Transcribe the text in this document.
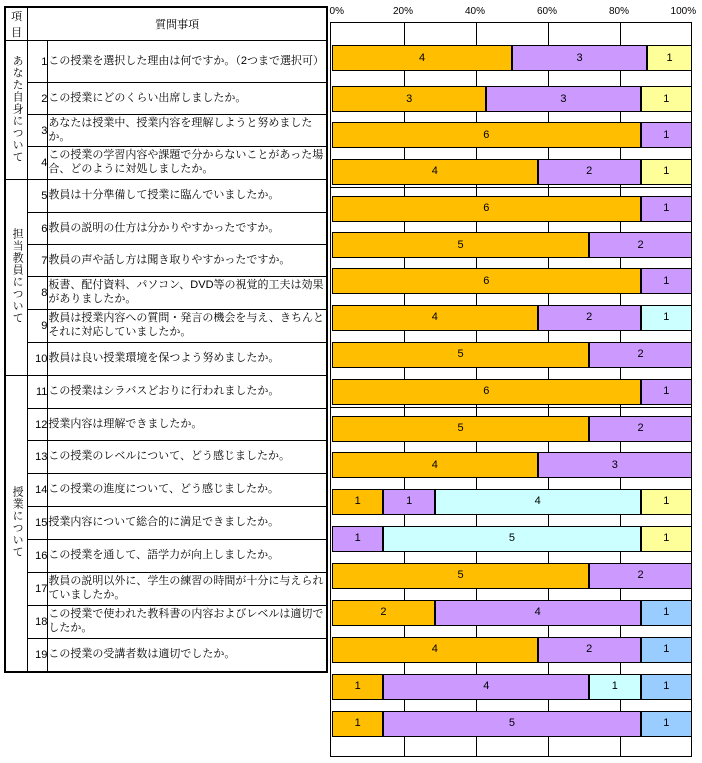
項目	質問事項	
あなた自身について	1	この授業を選択した理由は何ですか。（2つまで選択可）
	2	この授業にどのくらい出席しましたか。
	3	あなたは授業中、授業内容を理解しようと努めましたか。
	4	この授業の学習内容や課題で分からないことがあった場合、どのように対処しましたか。
担当教員について	5	教員は十分準備して授業に臨んでいましたか。
	6	教員の説明の仕方は分かりやすかったですか。
	7	教員の声や話し方は聞き取りやすかったですか。
	8	板書、配付資料、パソコン、DVD等の視覚的工夫は効果がありましたか。
	9	教員は授業内容への質問・発言の機会を与え、きちんとそれに対応していましたか。
	10	教員は良い授業環境を保つよう努めましたか。
授業について	11	この授業はシラバスどおりに行われましたか。
	12	授業内容は理解できましたか。
	13	この授業のレベルについて、どう感じましたか。
	14	この授業の進度について、どう感じましたか。
	15	授業内容について総合的に満足できましたか。
	16	この授業を通して、語学力が向上しましたか。
	17	教員の説明以外に、学生の練習の時間が十分に与えられていましたか。
	18	この授業で使われた教科書の内容およびレベルは適切でしたか。
	19	この授業の受講者数は適切でしたか。
0%	20%	40%	60%	80%	100%
4	3	1
3	3	1
6	1
4	2	1
6	1
5	2
6	1
4	2	1
5	2
6	1
5	2
4	3
1	1	4	1
1	5	1
5	2
2	4	1
4	2	1
1	4	1	1
1	5	1
